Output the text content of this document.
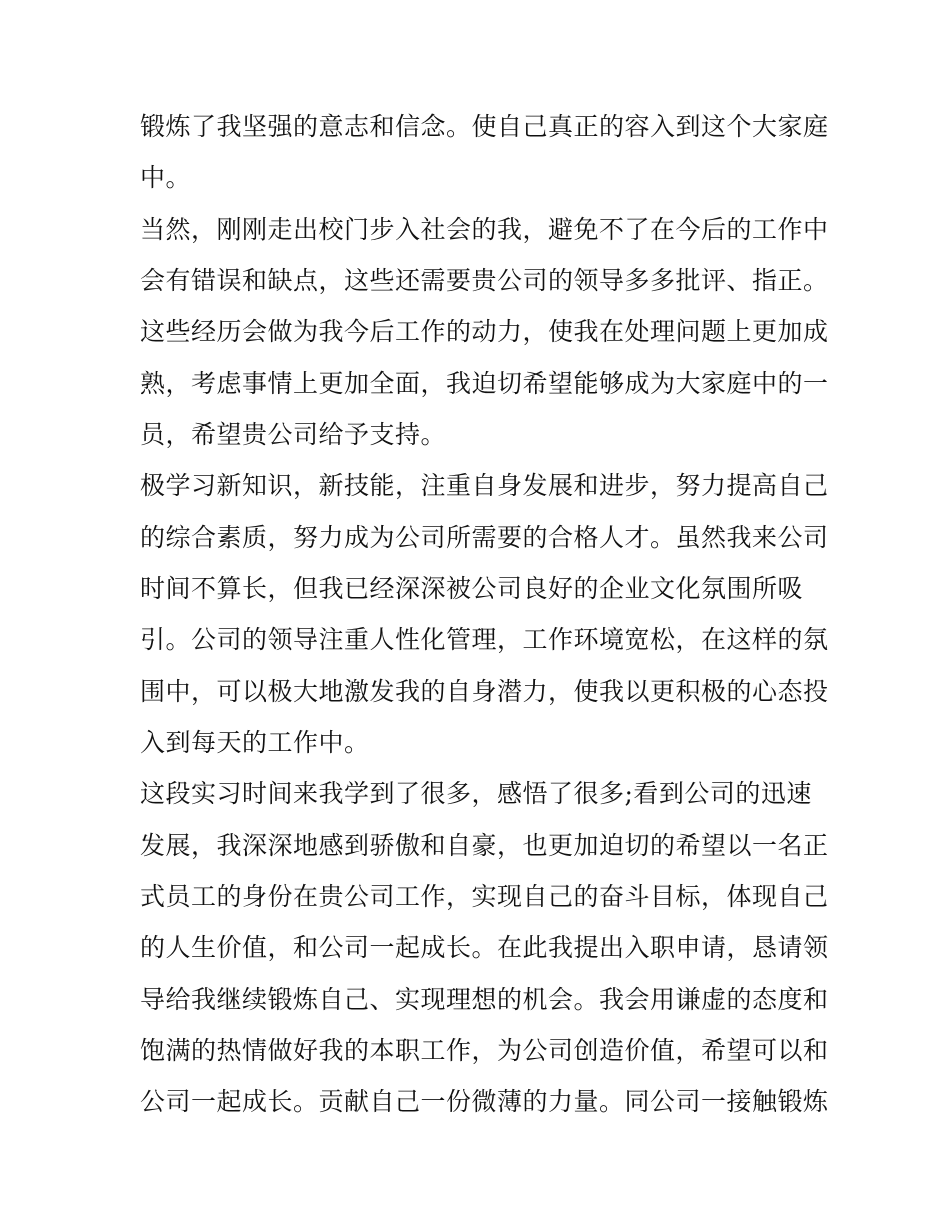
锻炼了我坚强的意志和信念。使自己真正的容入到这个大家庭
中。
当然，刚刚走出校门步入社会的我，避免不了在今后的工作中
会有错误和缺点，这些还需要贵公司的领导多多批评、指正。
这些经历会做为我今后工作的动力，使我在处理问题上更加成
熟，考虑事情上更加全面，我迫切希望能够成为大家庭中的一
员，希望贵公司给予支持。
极学习新知识，新技能，注重自身发展和进步，努力提高自己
的综合素质，努力成为公司所需要的合格人才。虽然我来公司
时间不算长，但我已经深深被公司良好的企业文化氛围所吸
引。公司的领导注重人性化管理，工作环境宽松，在这样的氛
围中，可以极大地激发我的自身潜力，使我以更积极的心态投
入到每天的工作中。
这段实习时间来我学到了很多，感悟了很多;看到公司的迅速
发展，我深深地感到骄傲和自豪，也更加迫切的希望以一名正
式员工的身份在贵公司工作，实现自己的奋斗目标，体现自己
的人生价值，和公司一起成长。在此我提出入职申请，恳请领
导给我继续锻炼自己、实现理想的机会。我会用谦虚的态度和
饱满的热情做好我的本职工作，为公司创造价值，希望可以和
公司一起成长。贡献自己一份微薄的力量。同公司一接触锻炼
